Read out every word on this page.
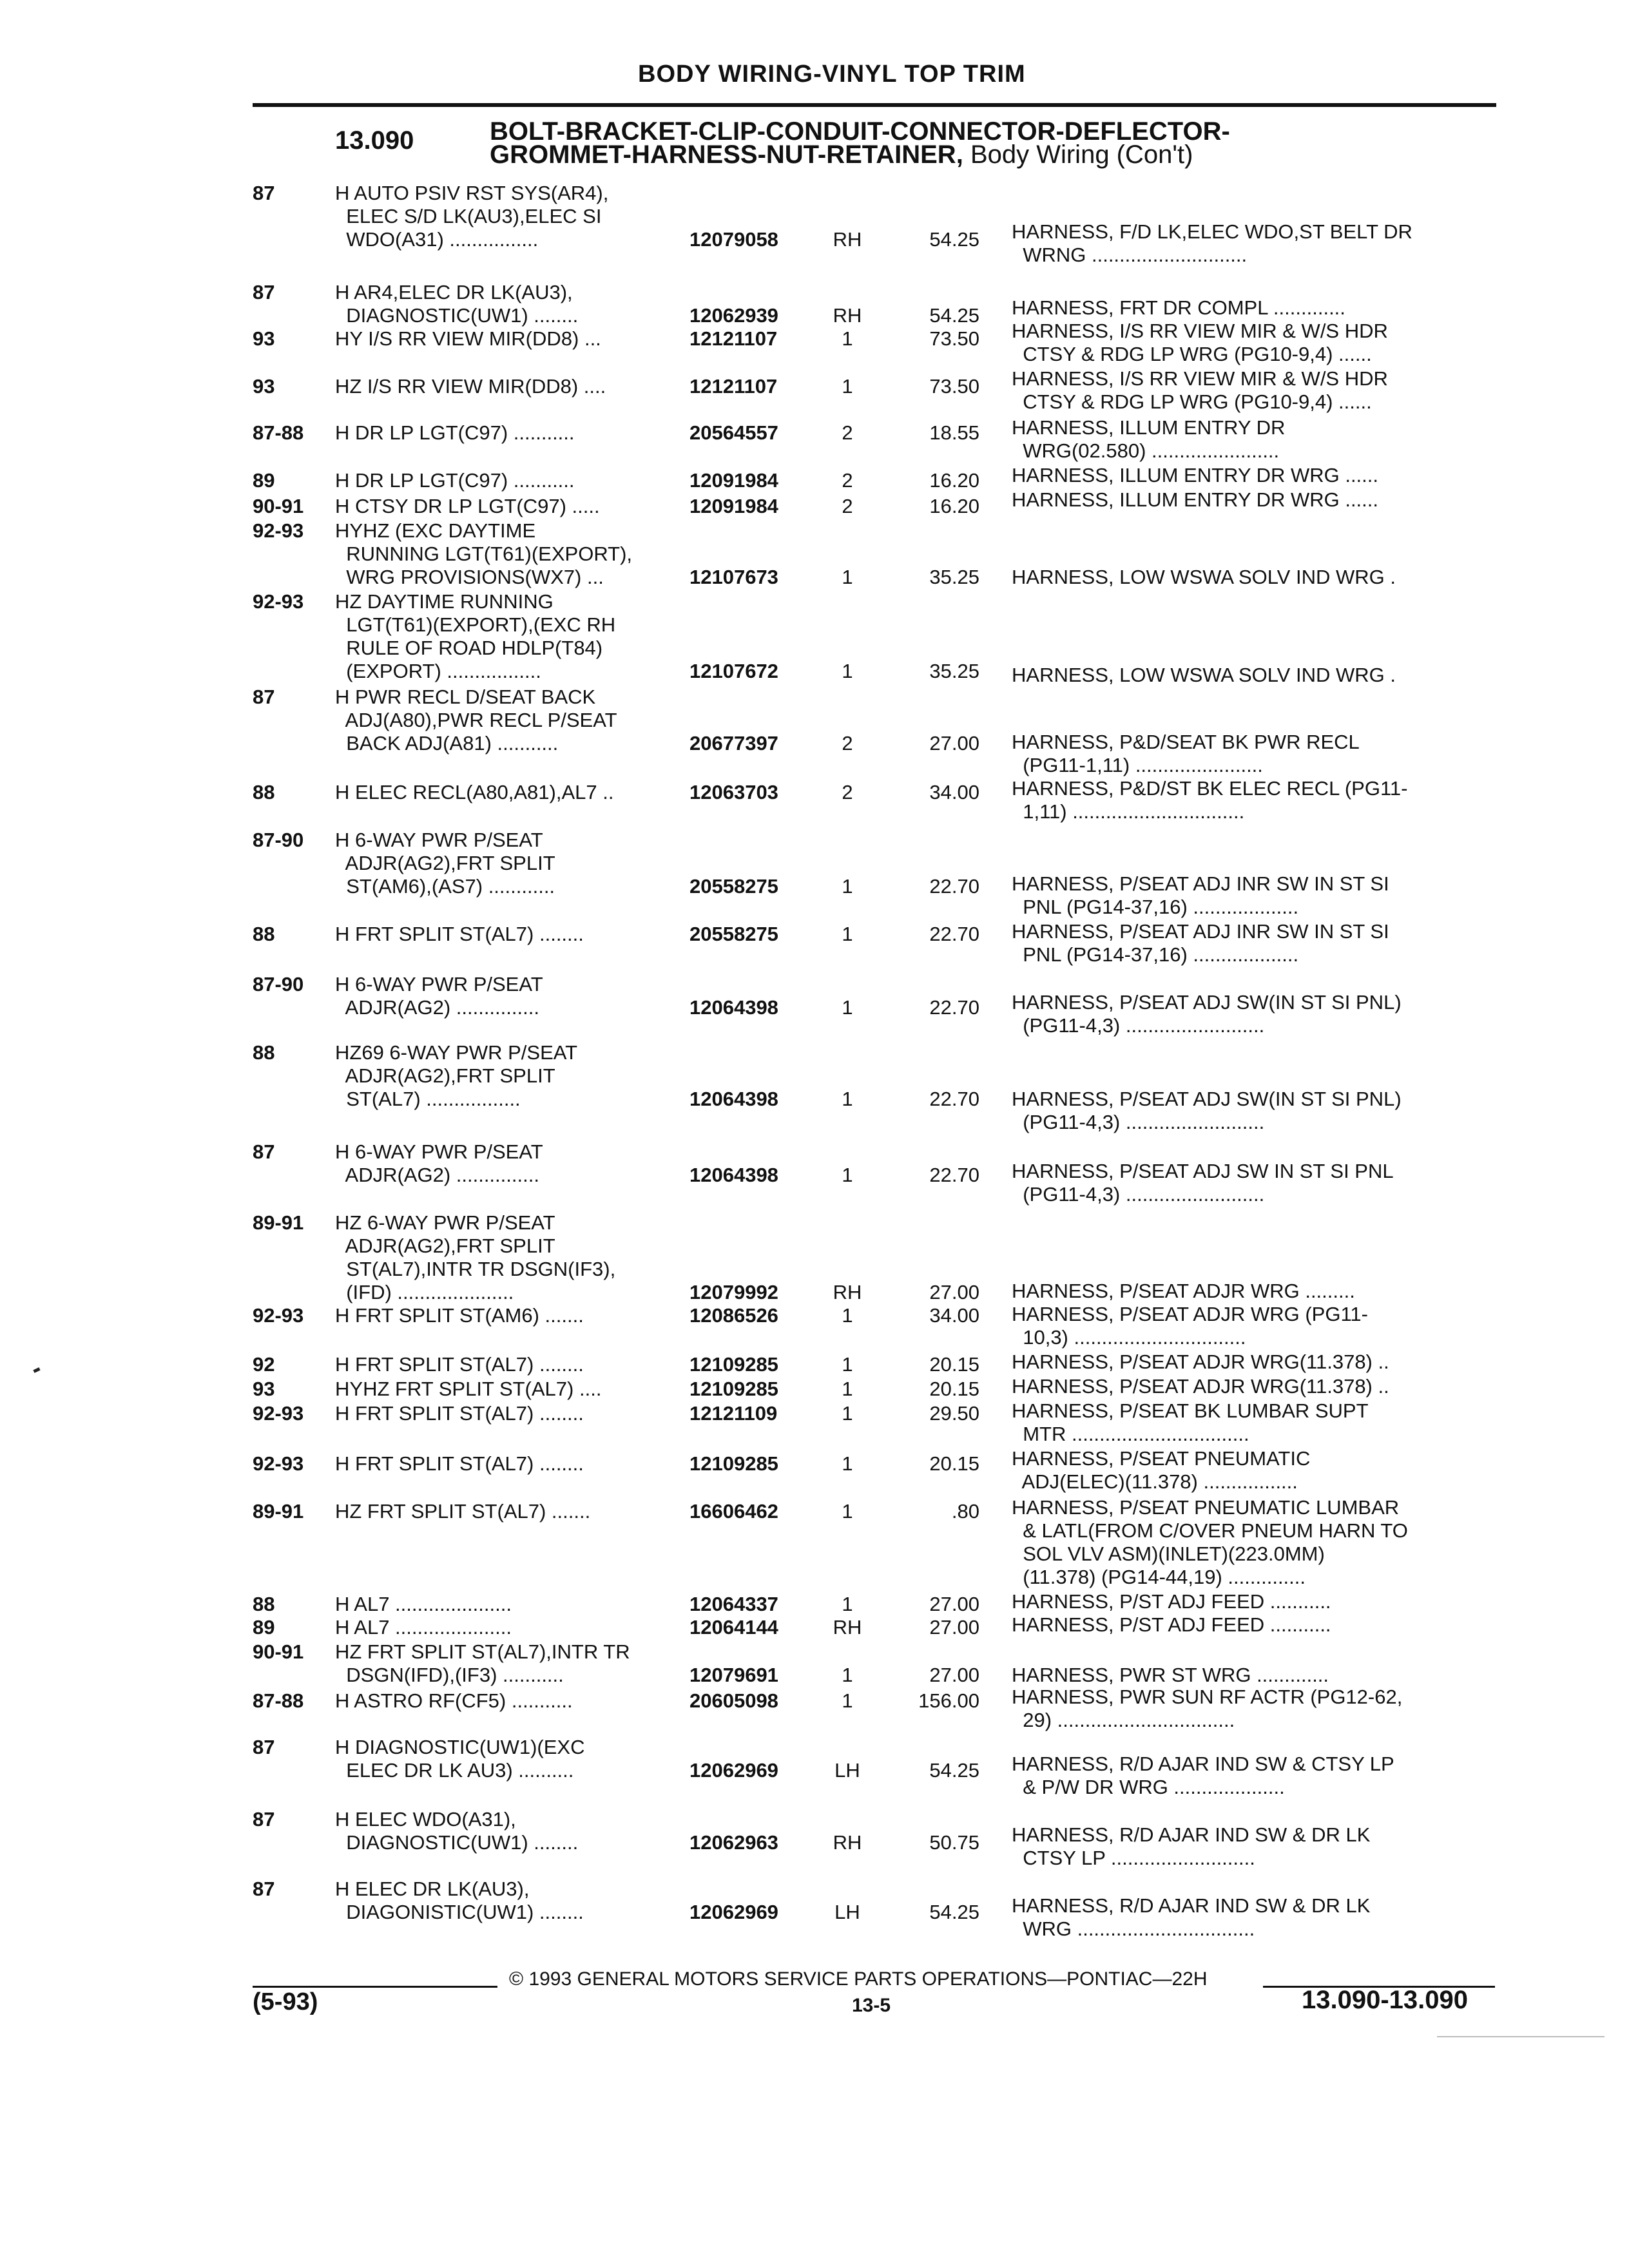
BODY WIRING-VINYL TOP TRIM
13.090	BOLT-BRACKET-CLIP-CONDUIT-CONNECTOR-DEFLECTOR-
GROMMET-HARNESS-NUT-RETAINER, Body Wiring (Con't)
87	H AUTO PSIV RST SYS(AR4),
ELEC S/D LK(AU3),ELEC SI
WDO(A31) ................	12079058	RH	54.25 HARNESS, F/D LK,ELEC WDO,ST BELT DR
WRNG ............................
87	H AR4,ELEC DR LK(AU3),
DIAGNOSTIC(UW1) ........	12062939	RH	54.25 HARNESS, FRT DR COMPL .............
93	HY I/S RR VIEW MIR(DD8) ...	12121107	1	73.50 HARNESS, I/S RR VIEW MIR & W/S HDR
CTSY & RDG LP WRG (PG10-9,4) ......
93	HZ I/S RR VIEW MIR(DD8) ....	12121107	1	73.50 HARNESS, I/S RR VIEW MIR & W/S HDR
CTSY & RDG LP WRG (PG10-9,4) ......
87-88 H DR LP LGT(C97) ...........	20564557	2	18.55 HARNESS, ILLUM ENTRY DR
WRG(02.580) .......................
89	H DR LP LGT(C97) ...........	12091984	2	16.20 HARNESS, ILLUM ENTRY DR WRG ......
90-91 H CTSY DR LP LGT(C97) .....	12091984	2	16.20 HARNESS, ILLUM ENTRY DR WRG ......
92-93 HYHZ (EXC DAYTIME
RUNNING LGT(T61)(EXPORT),
WRG PROVISIONS(WX7) ...	12107673	1	35.25 HARNESS, LOW WSWA SOLV IND WRG .
92-93 HZ DAYTIME RUNNING
LGT(T61)(EXPORT),(EXC RH
RULE OF ROAD HDLP(T84)
(EXPORT) .................	12107672	1	35.25 HARNESS, LOW WSWA SOLV IND WRG .
87	H PWR RECL D/SEAT BACK
ADJ(A80),PWR RECL P/SEAT
BACK ADJ(A81) ...........	20677397	2	27.00 HARNESS, P&D/SEAT BK PWR RECL
(PG11-1,11) .......................
88	H ELEC RECL(A80,A81),AL7 ..	12063703	2	34.00 HARNESS, P&D/ST BK ELEC RECL (PG11-
1,11) ...............................
87-90 H 6-WAY PWR P/SEAT
ADJR(AG2),FRT SPLIT
ST(AM6),(AS7) ............	20558275	1	22.70 HARNESS, P/SEAT ADJ INR SW IN ST SI
PNL (PG14-37,16) ...................
88	H FRT SPLIT ST(AL7) ........	20558275	1	22.70 HARNESS, P/SEAT ADJ INR SW IN ST SI
PNL (PG14-37,16) ...................
87-90 H 6-WAY PWR P/SEAT
ADJR(AG2) ...............	12064398	1	22.70 HARNESS, P/SEAT ADJ SW(IN ST SI PNL)
(PG11-4,3) .........................
88	HZ69 6-WAY PWR P/SEAT
ADJR(AG2),FRT SPLIT
ST(AL7) .................	12064398	1	22.70 HARNESS, P/SEAT ADJ SW(IN ST SI PNL)
(PG11-4,3) .........................
87	H 6-WAY PWR P/SEAT
ADJR(AG2) ...............	12064398	1	22.70 HARNESS, P/SEAT ADJ SW IN ST SI PNL
(PG11-4,3) .........................
89-91 HZ 6-WAY PWR P/SEAT
ADJR(AG2),FRT SPLIT
ST(AL7),INTR TR DSGN(IF3),
(IFD) .....................	12079992	RH	27.00 HARNESS, P/SEAT ADJR WRG .........
92-93 H FRT SPLIT ST(AM6) .......	12086526	1	34.00 HARNESS, P/SEAT ADJR WRG (PG11-
10,3) ...............................
92	H FRT SPLIT ST(AL7) ........	12109285	1	20.15 HARNESS, P/SEAT ADJR WRG(11.378) ..
93	HYHZ FRT SPLIT ST(AL7) ....	12109285	1	20.15 HARNESS, P/SEAT ADJR WRG(11.378) ..
92-93 H FRT SPLIT ST(AL7) ........	12121109	1	29.50 HARNESS, P/SEAT BK LUMBAR SUPT
MTR ................................
92-93 H FRT SPLIT ST(AL7) ........	12109285	1	20.15 HARNESS, P/SEAT PNEUMATIC
ADJ(ELEC)(11.378) .................
89-91 HZ FRT SPLIT ST(AL7) .......	16606462	1	.80 HARNESS, P/SEAT PNEUMATIC LUMBAR
& LATL(FROM C/OVER PNEUM HARN TO
SOL VLV ASM)(INLET)(223.0MM)
(11.378) (PG14-44,19) ..............
88	H AL7 .....................	12064337	1	27.00 HARNESS, P/ST ADJ FEED ...........
89	H AL7 .....................	12064144	RH	27.00 HARNESS, P/ST ADJ FEED ...........
90-91 HZ FRT SPLIT ST(AL7),INTR TR
DSGN(IFD),(IF3) ...........	12079691	1	27.00 HARNESS, PWR ST WRG .............
87-88 H ASTRO RF(CF5) ...........	20605098	1	156.00 HARNESS, PWR SUN RF ACTR (PG12-62,
29) ................................
87	H DIAGNOSTIC(UW1)(EXC
ELEC DR LK AU3) ..........	12062969	LH	54.25 HARNESS, R/D AJAR IND SW & CTSY LP
& P/W DR WRG ....................
87	H ELEC WDO(A31),
DIAGNOSTIC(UW1) ........	12062963	RH	50.75 HARNESS, R/D AJAR IND SW & DR LK
CTSY LP ..........................
87	H ELEC DR LK(AU3),
DIAGONISTIC(UW1) ........	12062969	LH	54.25 HARNESS, R/D AJAR IND SW & DR LK
WRG ................................
© 1993 GENERAL MOTORS SERVICE PARTS OPERATIONS—PONTIAC—22H
(5-93)	13-5	13.090-13.090
